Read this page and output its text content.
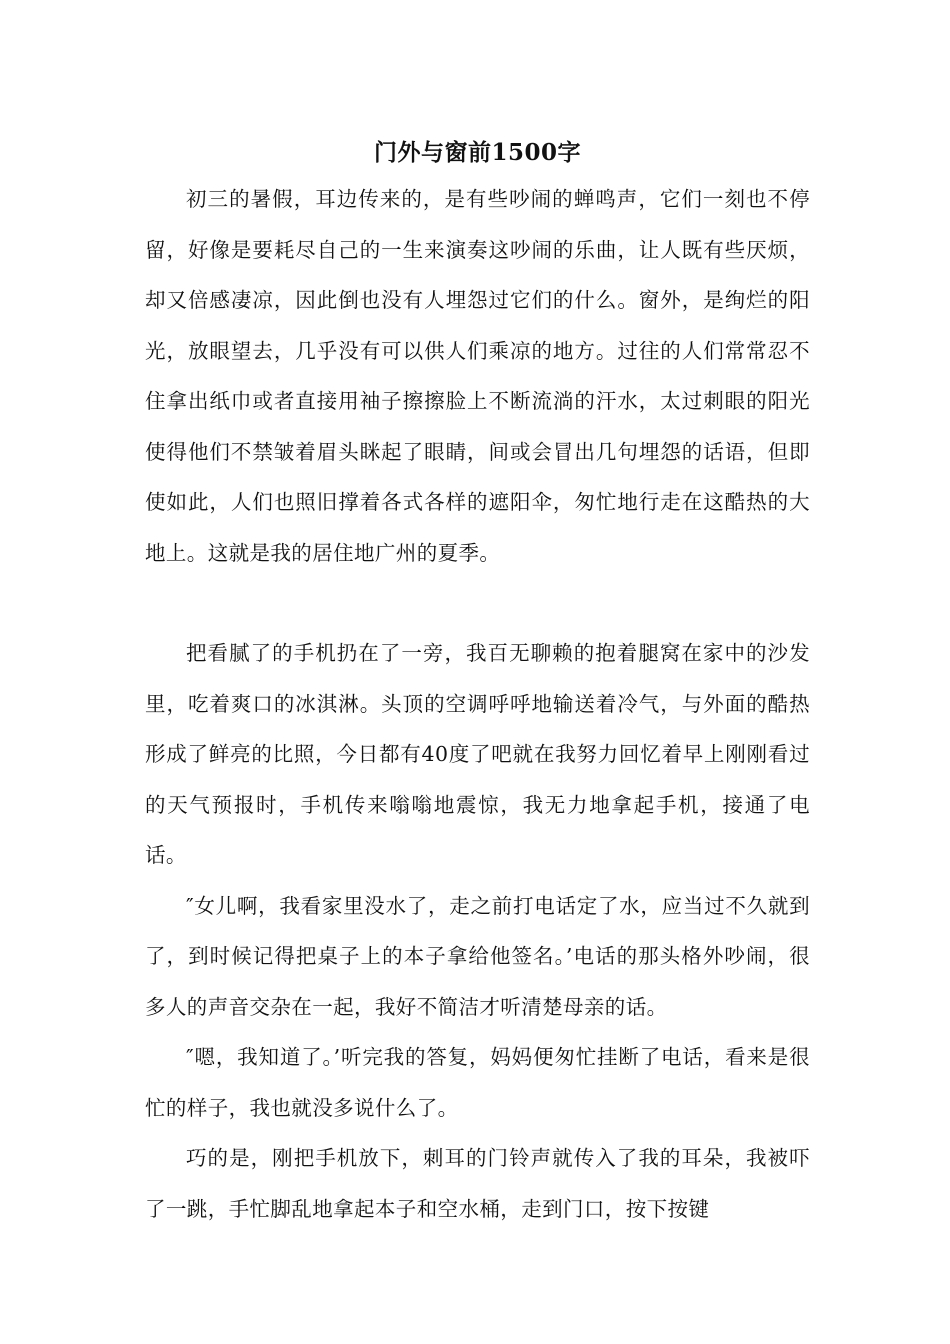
门外与窗前1500字

初三的暑假，耳边传来的，是有些吵闹的蝉鸣声，它们一刻也不停留，好像是要耗尽自己的一生来演奏这吵闹的乐曲，让人既有些厌烦，却又倍感凄凉，因此倒也没有人埋怨过它们的什么。窗外，是绚烂的阳光，放眼望去，几乎没有可以供人们乘凉的地方。过往的人们常常忍不住拿出纸巾或者直接用袖子擦擦脸上不断流淌的汗水，太过刺眼的阳光使得他们不禁皱着眉头眯起了眼睛，间或会冒出几句埋怨的话语，但即使如此，人们也照旧撑着各式各样的遮阳伞，匆忙地行走在这酷热的大地上。这就是我的居住地广州的夏季。

把看腻了的手机扔在了一旁，我百无聊赖的抱着腿窝在家中的沙发里，吃着爽口的冰淇淋。头顶的空调呼呼地输送着冷气，与外面的酷热形成了鲜亮的比照，今日都有40度了吧就在我努力回忆着早上刚刚看过的天气预报时，手机传来嗡嗡地震惊，我无力地拿起手机，接通了电话。

″女儿啊，我看家里没水了，走之前打电话定了水，应当过不久就到了，到时候记得把桌子上的本子拿给他签名。’电话的那头格外吵闹，很多人的声音交杂在一起，我好不简洁才听清楚母亲的话。

″嗯，我知道了。’听完我的答复，妈妈便匆忙挂断了电话，看来是很忙的样子，我也就没多说什么了。

巧的是，刚把手机放下，刺耳的门铃声就传入了我的耳朵，我被吓了一跳，手忙脚乱地拿起本子和空水桶，走到门口，按下按键
